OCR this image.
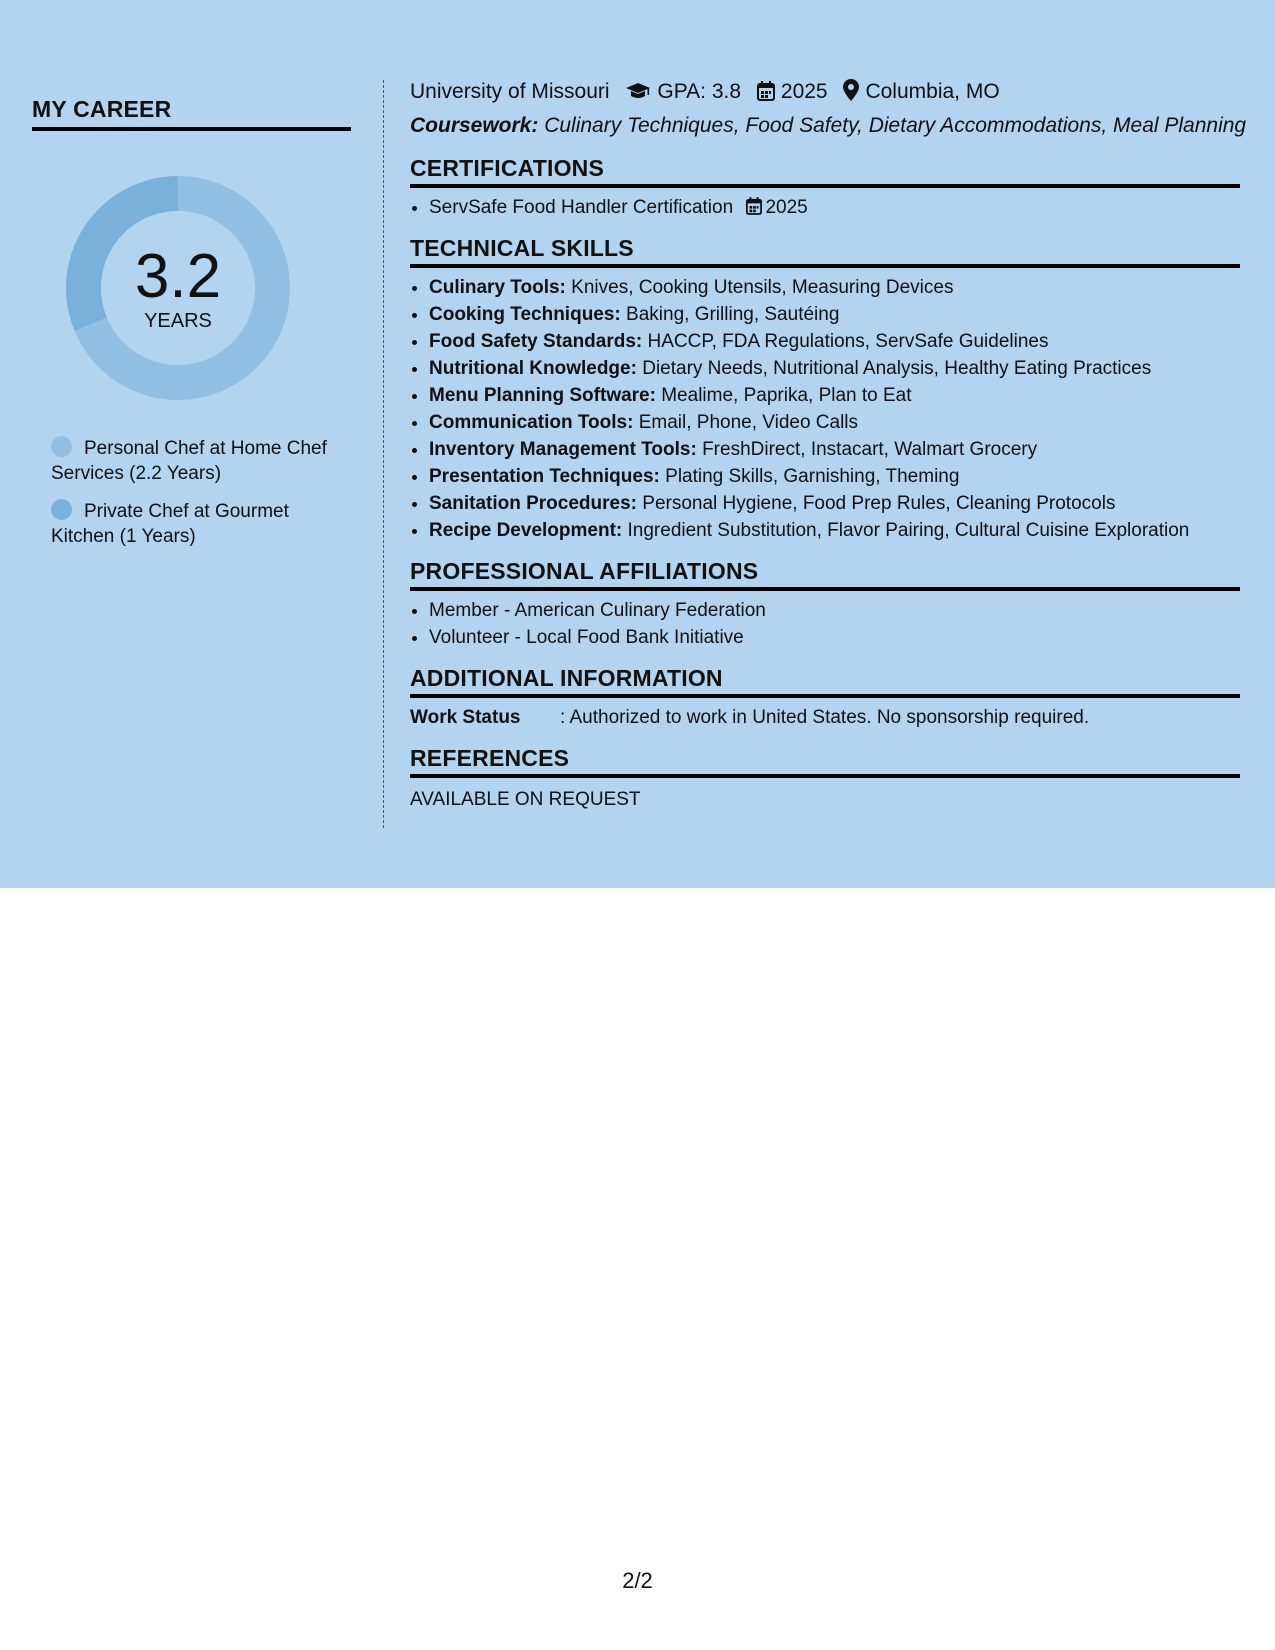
MY CAREER
3.2
YEARS
Personal Chef at Home Chef Services (2.2 Years)
Private Chef at Gourmet Kitchen (1 Years)
University of Missouri GPA: 3.8 2025 Columbia, MO
Coursework: Culinary Techniques, Food Safety, Dietary Accommodations, Meal Planning
CERTIFICATIONS
• ServSafe Food Handler Certification 2025
TECHNICAL SKILLS
• Culinary Tools: Knives, Cooking Utensils, Measuring Devices
• Cooking Techniques: Baking, Grilling, Sautéing
• Food Safety Standards: HACCP, FDA Regulations, ServSafe Guidelines
• Nutritional Knowledge: Dietary Needs, Nutritional Analysis, Healthy Eating Practices
• Menu Planning Software: Mealime, Paprika, Plan to Eat
• Communication Tools: Email, Phone, Video Calls
• Inventory Management Tools: FreshDirect, Instacart, Walmart Grocery
• Presentation Techniques: Plating Skills, Garnishing, Theming
• Sanitation Procedures: Personal Hygiene, Food Prep Rules, Cleaning Protocols
• Recipe Development: Ingredient Substitution, Flavor Pairing, Cultural Cuisine Exploration
PROFESSIONAL AFFILIATIONS
• Member - American Culinary Federation
• Volunteer - Local Food Bank Initiative
ADDITIONAL INFORMATION
Work Status : Authorized to work in United States. No sponsorship required.
REFERENCES
AVAILABLE ON REQUEST
2/2
